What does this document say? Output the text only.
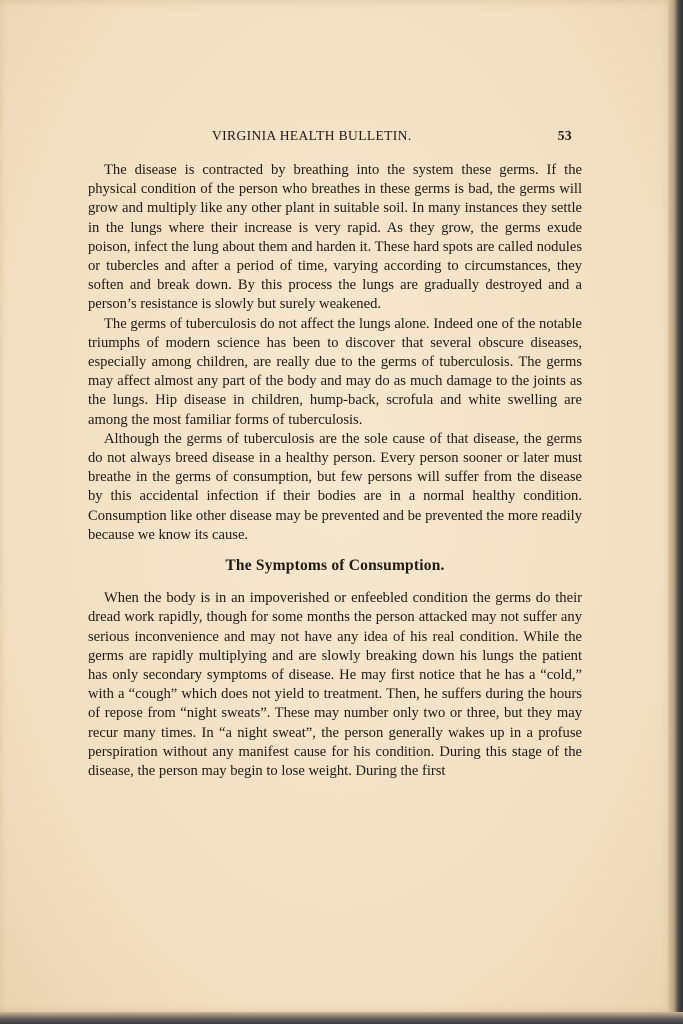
VIRGINIA HEALTH BULLETIN.	53

The disease is contracted by breathing into the system these germs. If the physical condition of the person who breathes in these germs is bad, the germs will grow and multiply like any other plant in suitable soil. In many instances they settle in the lungs where their increase is very rapid. As they grow, the germs exude poison, infect the lung about them and harden it. These hard spots are called nodules or tubercles and after a period of time, varying according to circumstances, they soften and break down. By this process the lungs are gradually destroyed and a person’s resistance is slowly but surely weakened.

The germs of tuberculosis do not affect the lungs alone. Indeed one of the notable triumphs of modern science has been to discover that several obscure diseases, especially among children, are really due to the germs of tuberculosis. The germs may affect almost any part of the body and may do as much damage to the joints as the lungs. Hip disease in children, hump-back, scrofula and white swelling are among the most familiar forms of tuberculosis.

Although the germs of tuberculosis are the sole cause of that disease, the germs do not always breed disease in a healthy person. Every person sooner or later must breathe in the germs of consumption, but few persons will suffer from the disease by this accidental infection if their bodies are in a normal healthy condition. Consumption like other disease may be prevented and be prevented the more readily because we know its cause.

The Symptoms of Consumption.

When the body is in an impoverished or enfeebled condition the germs do their dread work rapidly, though for some months the person attacked may not suffer any serious inconvenience and may not have any idea of his real condition. While the germs are rapidly multiplying and are slowly breaking down his lungs the patient has only secondary symptoms of disease. He may first notice that he has a “cold,” with a “cough” which does not yield to treatment. Then, he suffers during the hours of repose from “night sweats”. These may number only two or three, but they may recur many times. In “a night sweat”, the person generally wakes up in a profuse perspiration without any manifest cause for his condition. During this stage of the disease, the person may begin to lose weight. During the first
